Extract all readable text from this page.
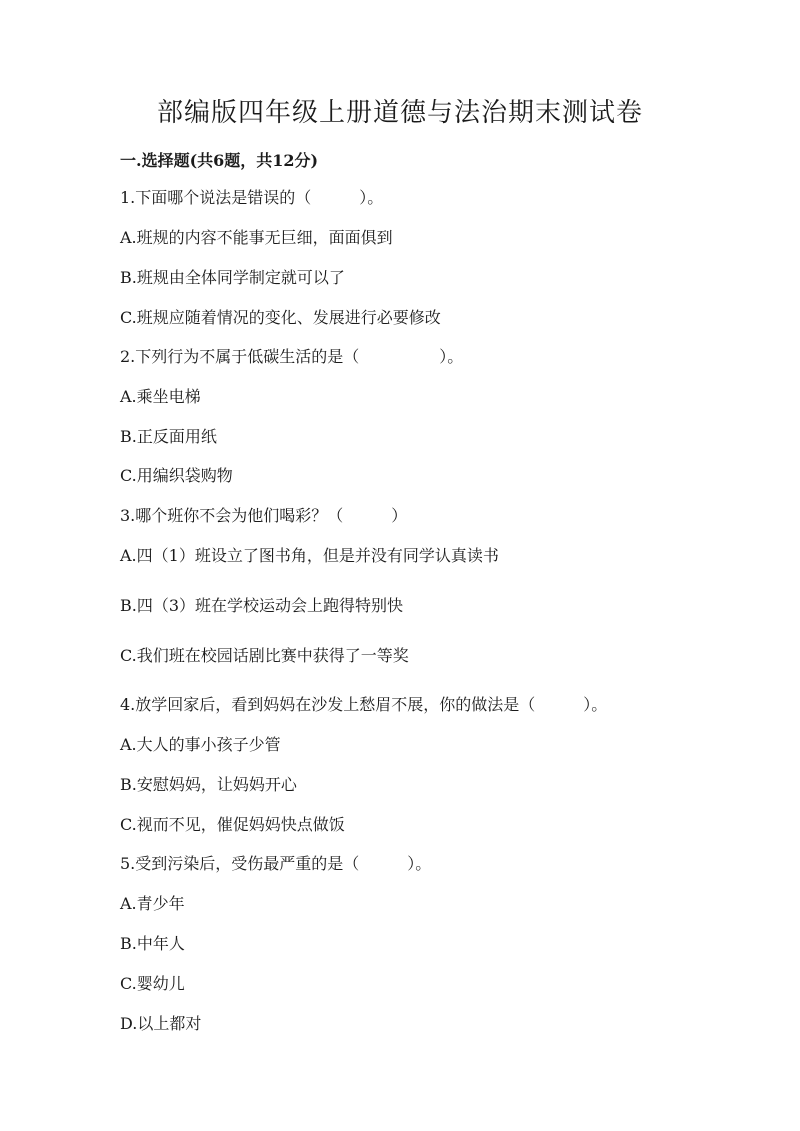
部编版四年级上册道德与法治期末测试卷
一.选择题(共6题，共12分)
1.下面哪个说法是错误的（　　　）。
A.班规的内容不能事无巨细，面面俱到
B.班规由全体同学制定就可以了
C.班规应随着情况的变化、发展进行必要修改
2.下列行为不属于低碳生活的是（　　　　　）。
A.乘坐电梯
B.正反面用纸
C.用编织袋购物
3.哪个班你不会为他们喝彩？（　　　）
A.四（1）班设立了图书角，但是并没有同学认真读书
B.四（3）班在学校运动会上跑得特别快
C.我们班在校园话剧比赛中获得了一等奖
4.放学回家后，看到妈妈在沙发上愁眉不展，你的做法是（　　　）。
A.大人的事小孩子少管
B.安慰妈妈，让妈妈开心
C.视而不见，催促妈妈快点做饭
5.受到污染后，受伤最严重的是（　　　）。
A.青少年
B.中年人
C.婴幼儿
D.以上都对
